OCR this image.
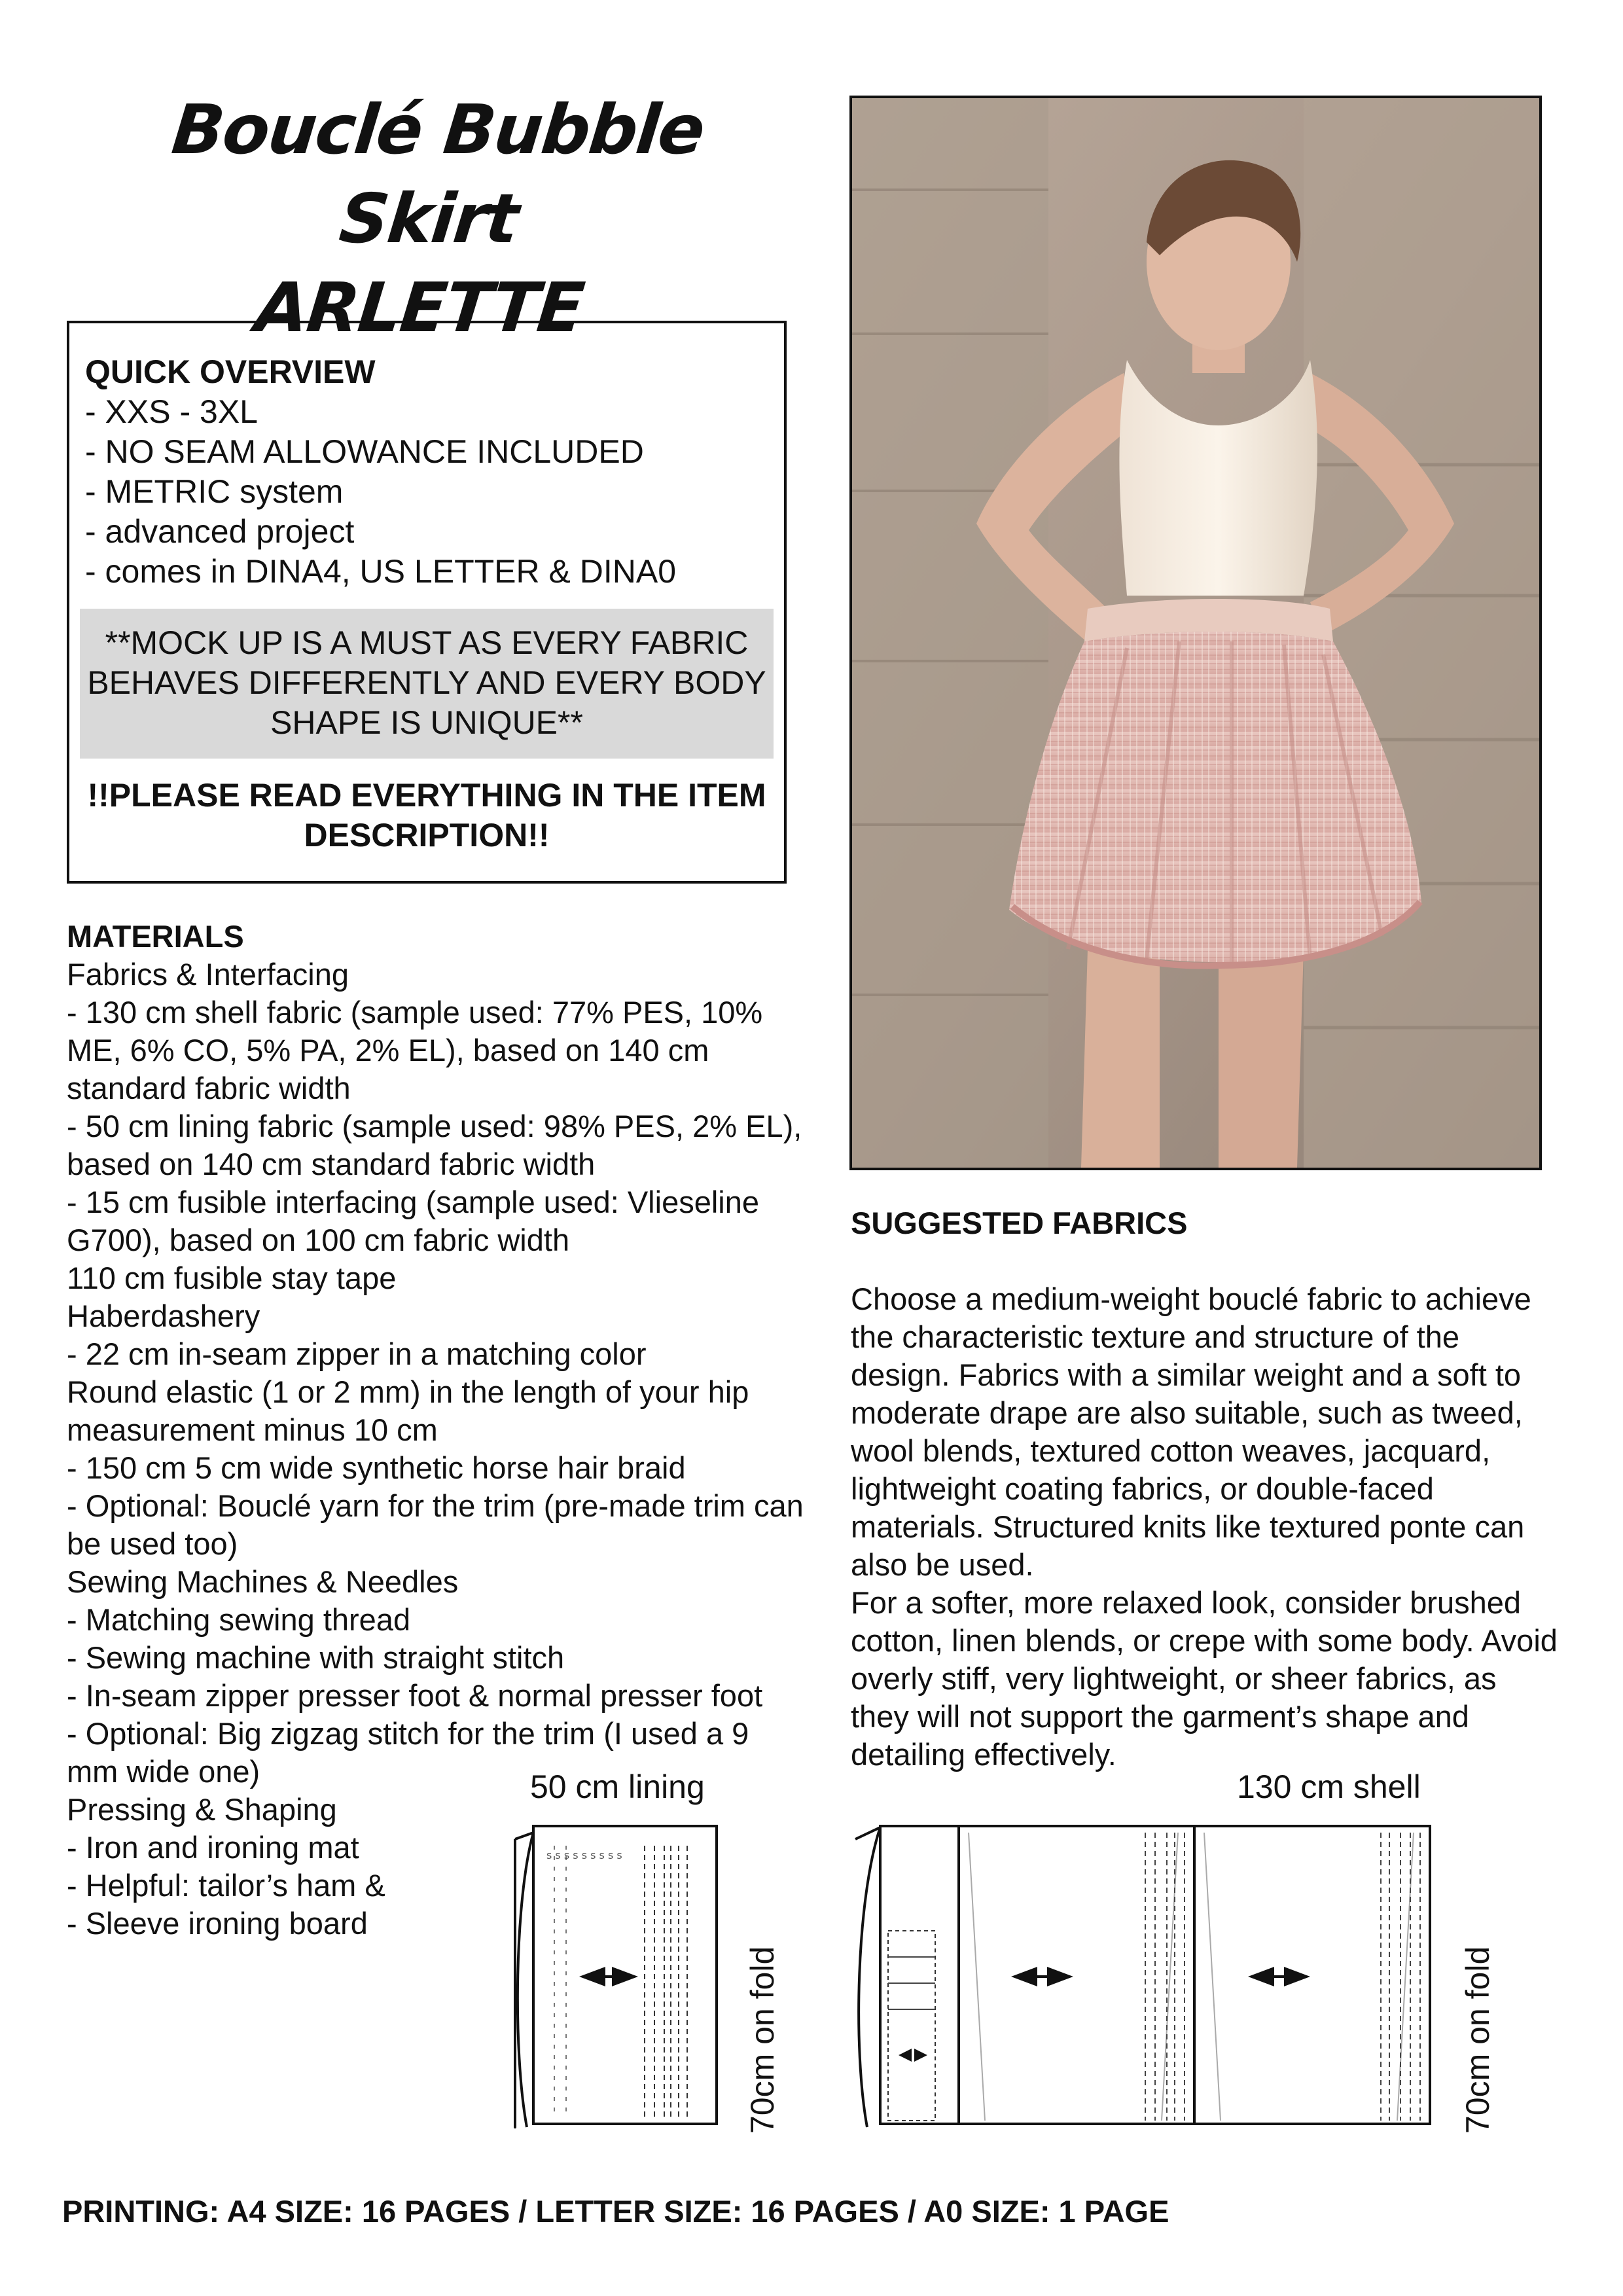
Bouclé Bubble Skirt
ARLETTE
QUICK OVERVIEW
- XXS - 3XL
- NO SEAM ALLOWANCE INCLUDED
- METRIC system
- advanced project
- comes in DINA4, US LETTER & DINA0
**MOCK UP IS A MUST AS EVERY FABRIC BEHAVES DIFFERENTLY AND EVERY BODY SHAPE IS UNIQUE**
!!PLEASE READ EVERYTHING IN THE ITEM DESCRIPTION!!
MATERIALS
Fabrics & Interfacing
- 130 cm shell fabric (sample used: 77% PES, 10% ME, 6% CO, 5% PA, 2% EL), based on 140 cm standard fabric width
- 50 cm lining fabric (sample used: 98% PES, 2% EL), based on 140 cm standard fabric width
- 15 cm fusible interfacing (sample used: Vlieseline G700), based on 100 cm fabric width
110 cm fusible stay tape
Haberdashery
- 22 cm in-seam zipper in a matching color
Round elastic (1 or 2 mm) in the length of your hip measurement minus 10 cm
- 150 cm 5 cm wide synthetic horse hair braid
- Optional: Bouclé yarn for the trim (pre-made trim can be used too)
Sewing Machines & Needles
- Matching sewing thread
- Sewing machine with straight stitch
- In-seam zipper presser foot & normal presser foot
- Optional: Big zigzag stitch for the trim (I used a 9 mm wide one)
Pressing & Shaping
- Iron and ironing mat
- Helpful: tailor’s ham &
- Sleeve ironing board
SUGGESTED FABRICS
Choose a medium-weight bouclé fabric to achieve the characteristic texture and structure of the design. Fabrics with a similar weight and a soft to moderate drape are also suitable, such as tweed, wool blends, textured cotton weaves, jacquard, lightweight coating fabrics, or double-faced materials. Structured knits like textured ponte can also be used.
For a softer, more relaxed look, consider brushed cotton, linen blends, or crepe with some body. Avoid overly stiff, very lightweight, or sheer fabrics, as they will not support the garment’s shape and detailing effectively.
50 cm lining	130 cm shell
s s s s s s s s s
70cm on fold	70cm on fold
PRINTING: A4 SIZE: 16 PAGES / LETTER SIZE: 16 PAGES / A0 SIZE: 1 PAGE
